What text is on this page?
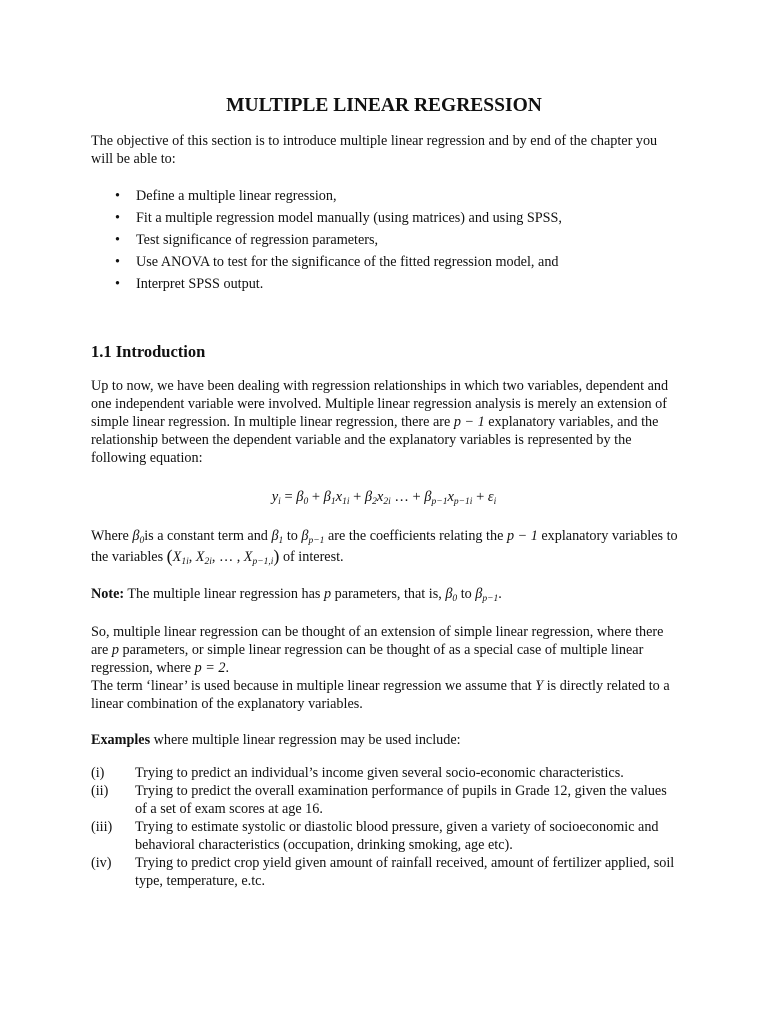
MULTIPLE LINEAR REGRESSION

The objective of this section is to introduce multiple linear regression and by end of the chapter you will be able to:

• Define a multiple linear regression,
• Fit a multiple regression model manually (using matrices) and using SPSS,
• Test significance of regression parameters,
• Use ANOVA to test for the significance of the fitted regression model, and
• Interpret SPSS output.
1.1 Introduction

Up to now, we have been dealing with regression relationships in which two variables, dependent and one independent variable were involved. Multiple linear regression analysis is merely an extension of simple linear regression. In multiple linear regression, there are p − 1 explanatory variables, and the relationship between the dependent variable and the explanatory variables is represented by the following equation:

$y_i = \beta_0 + \beta_1x_{1i} + \beta_2x_{2i}$ … + $\beta_{p-1}x_{p-1i} + \varepsilon_i$

Where $\beta_0is$ a constant term and $\beta_1$ to $\beta_{p-1}$ are the coefficients relating the p − 1 explanatory variables to the variables ($X_{1i}$, $X_{2i}$, … , $X_{p-1,i}$) of interest.

Note: The multiple linear regression has p parameters, that is, $\beta_0$ to $\beta_{p-1}$.

So, multiple linear regression can be thought of an extension of simple linear regression, where there are p parameters, or simple linear regression can be thought of as a special case of multiple linear regression, where p = 2.
The term ‘linear’ is used because in multiple linear regression we assume that Y is directly related to a linear combination of the explanatory variables.

Examples where multiple linear regression may be used include:

(i) Trying to predict an individual’s income given several socio-economic characteristics.
(ii) Trying to predict the overall examination performance of pupils in Grade 12, given the values of a set of exam scores at age 16.
(iii) Trying to estimate systolic or diastolic blood pressure, given a variety of socioeconomic and behavioral characteristics (occupation, drinking smoking, age etc).
(iv) Trying to predict crop yield given amount of rainfall received, amount of fertilizer applied, soil type, temperature, e.tc.
